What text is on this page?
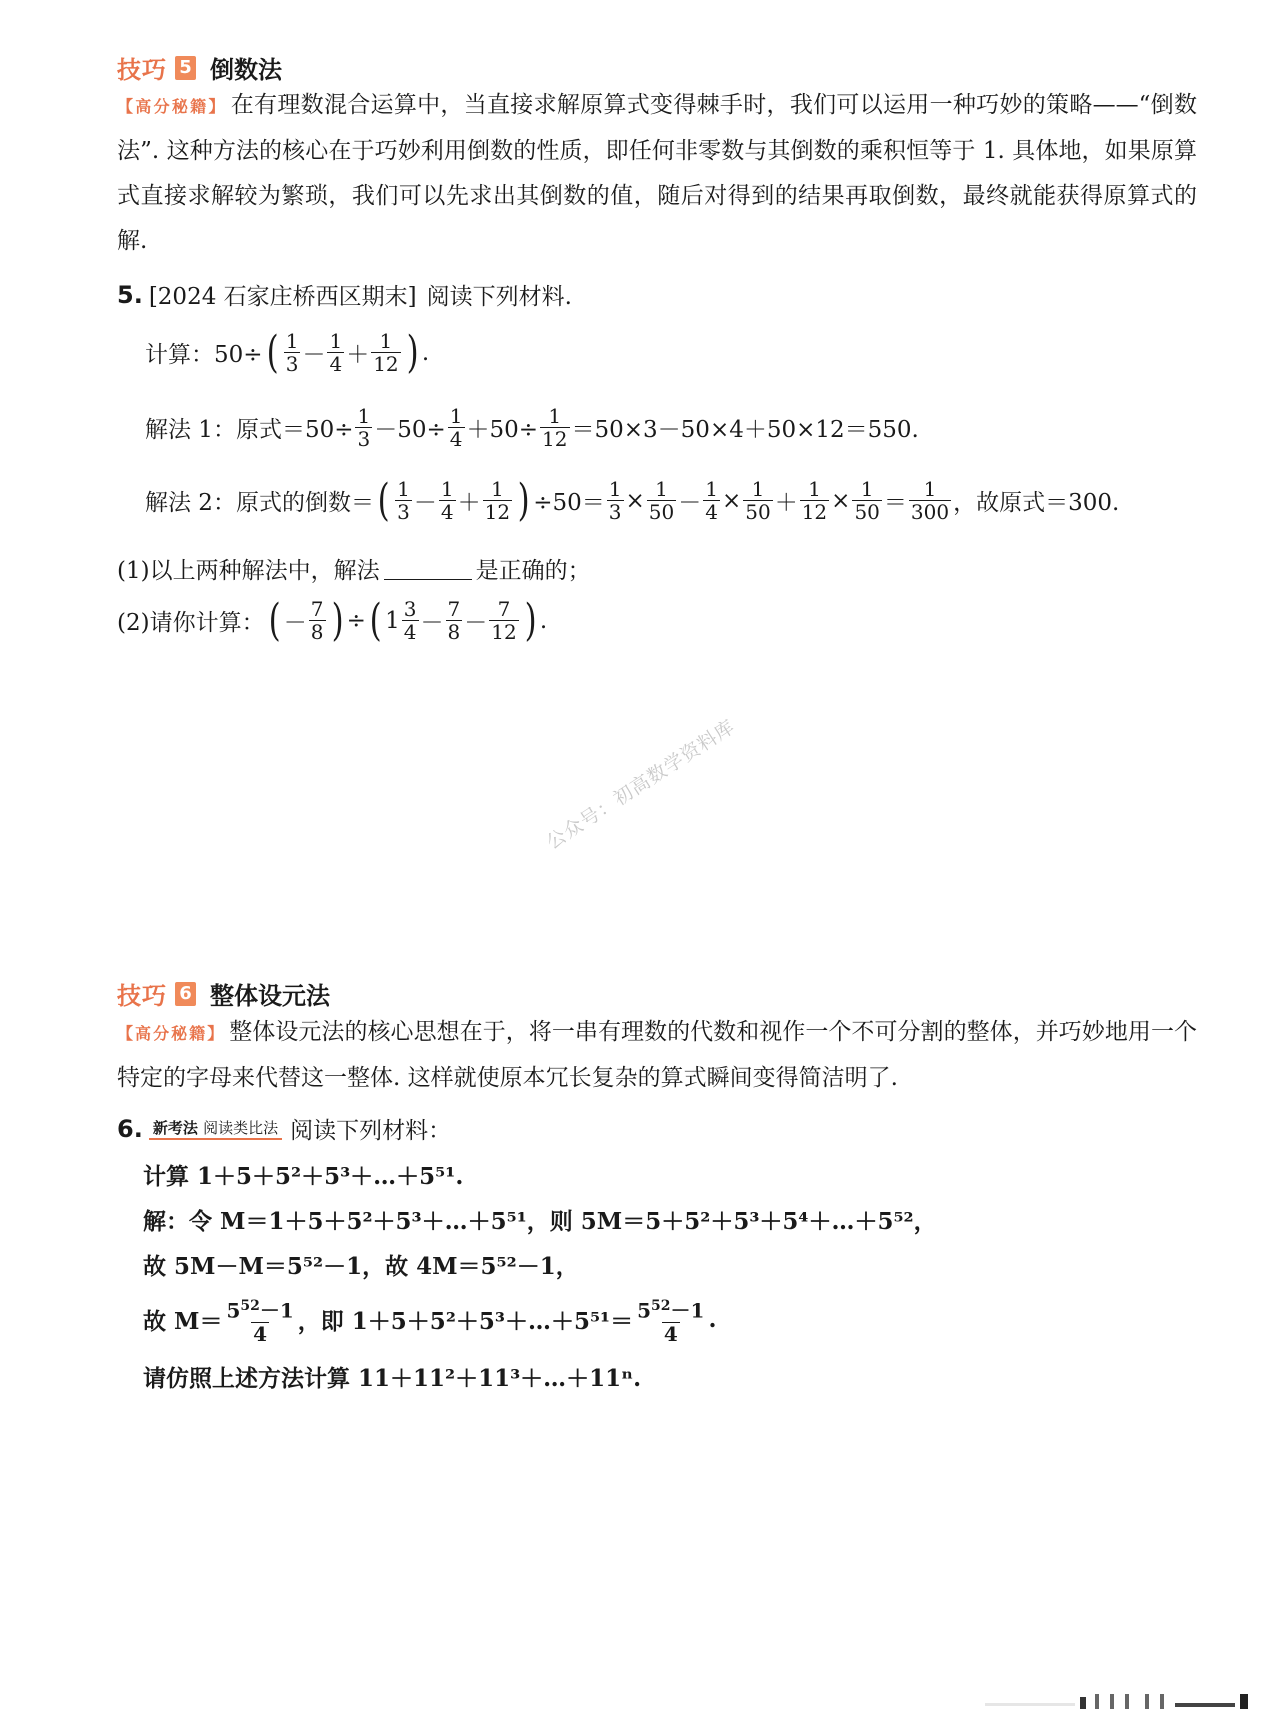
技巧 5 倒数法
【高分秘籍】 在有理数混合运算中，当直接求解原算式变得棘手时，我们可以运用一种巧妙的策略——“倒数法”. 这种方法的核心在于巧妙利用倒数的性质，即任何非零数与其倒数的乘积恒等于 1. 具体地，如果原算式直接求解较为繁琐，我们可以先求出其倒数的值，随后对得到的结果再取倒数，最终就能获得原算式的解.
5. [2024 石家庄桥西区期末] 阅读下列材料.
计算：50÷ ( $\frac{1}{3} - \frac{1}{4} + \frac{1}{12}$ ) .
解法 1：原式$=50\div \frac{1}{3} -50\div \frac{1}{4} +50\div \frac{1}{12} =50\times 3-50\times 4+50\times 12=550$.
解法 2：原式的倒数＝ ( $\frac{1}{3} - \frac{1}{4} + \frac{1}{12}$ ) $\div 50= \frac{1}{3} \times \frac{1}{50} - \frac{1}{4} \times \frac{1}{50} + \frac{1}{12} \times \frac{1}{50} = \frac{1}{300}$ ，故原式＝300.
(1)以上两种解法中，解法	是正确的；
(2)请你计算： ( － $\frac{7}{8}$ ) ÷ ( $1 \frac{3}{4} - \frac{7}{8} - \frac{7}{12}$ ) .
公众号：初高数学资料库
技巧 6 整体设元法
【高分秘籍】 整体设元法的核心思想在于，将一串有理数的代数和视作一个不可分割的整体，并巧妙地用一个特定的字母来代替这一整体. 这样就使原本冗长复杂的算式瞬间变得简洁明了.
6. 新考法 阅读类比法 阅读下列材料：
计算 1＋5＋5²＋5³＋…＋5⁵¹.
解：令 M＝1＋5＋5²＋5³＋…＋5⁵¹，则 5M＝5＋5²＋5³＋5⁴＋…＋5⁵²，
故 5M－M＝5⁵²－1，故 4M＝5⁵²－1，
故 $M= \frac{5^{52}-1}{4}$ ，即 1＋5＋5²＋5³＋…＋5⁵¹＝ $\frac{5^{52}-1}{4}$ .
请仿照上述方法计算 11＋11²＋11³＋…＋11ⁿ.
